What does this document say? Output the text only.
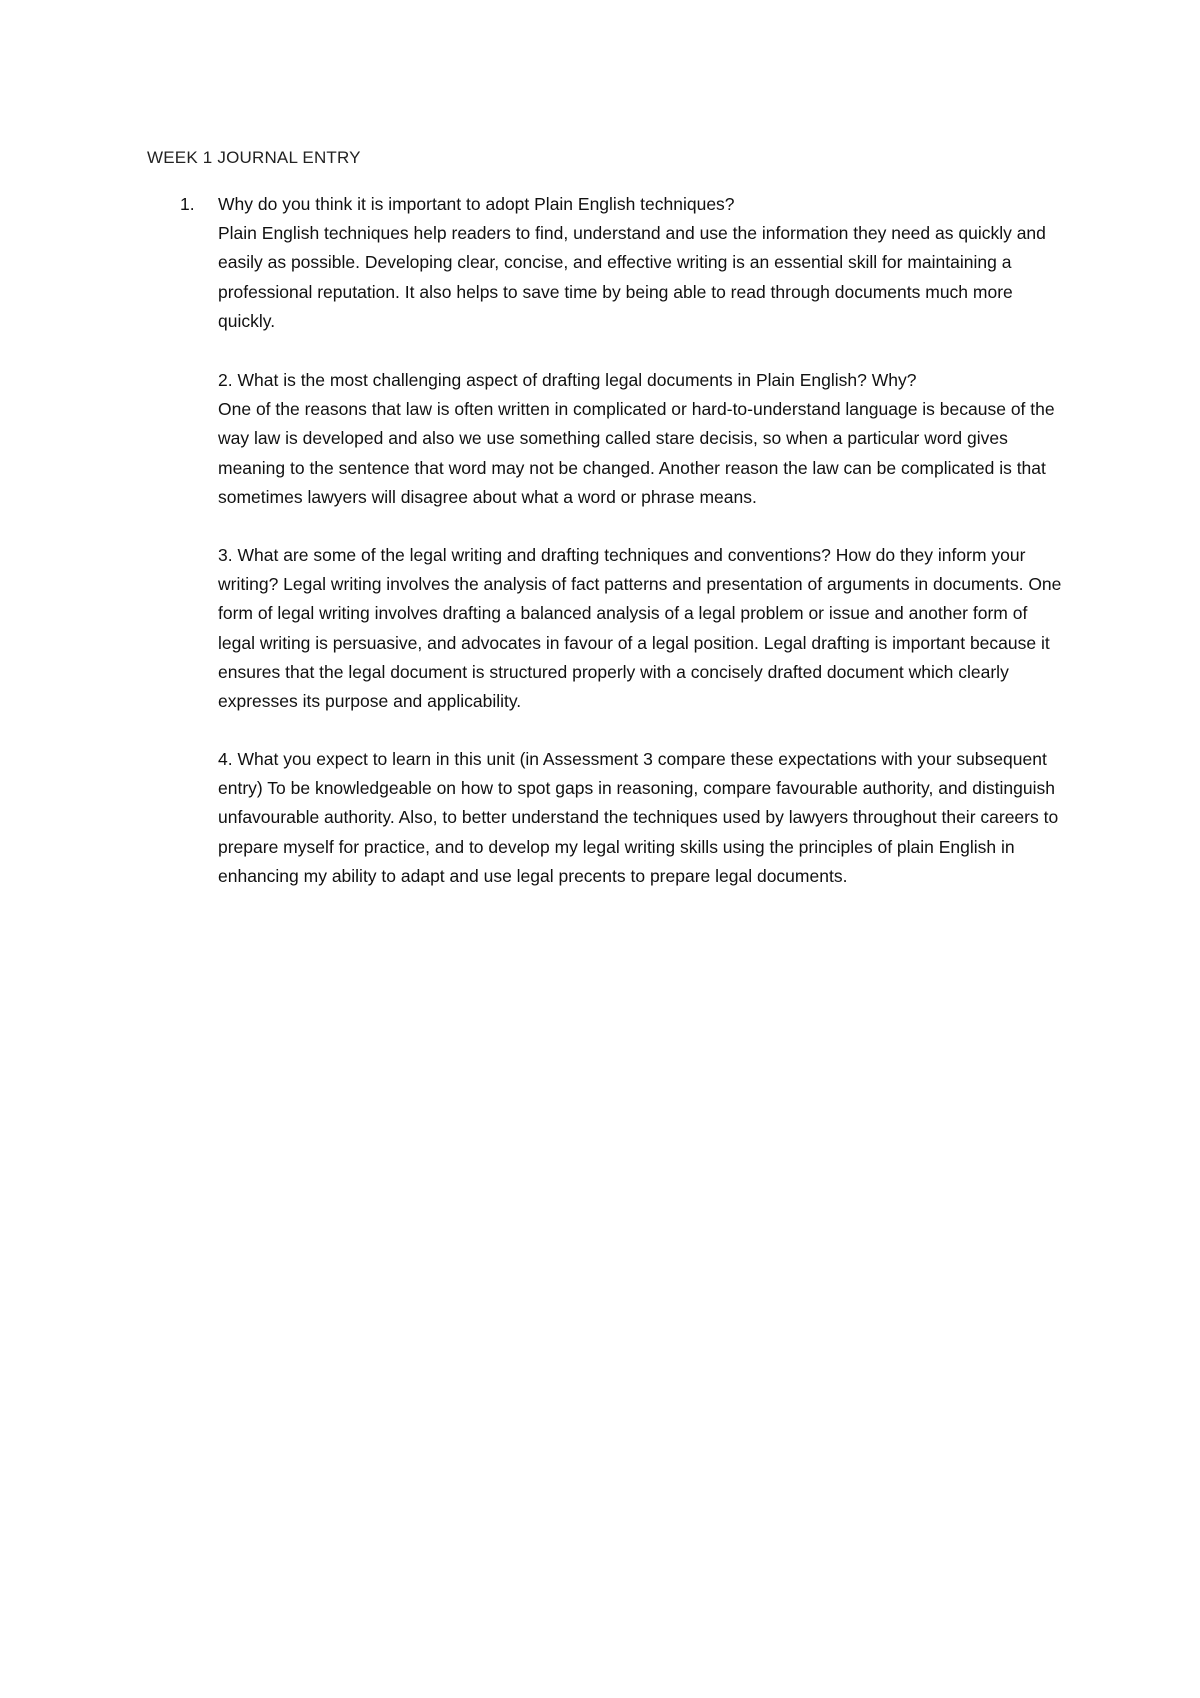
WEEK 1 JOURNAL ENTRY
1. Why do you think it is important to adopt Plain English techniques?
Plain English techniques help readers to find, understand and use the information they need as quickly and easily as possible. Developing clear, concise, and effective writing is an essential skill for maintaining a professional reputation. It also helps to save time by being able to read through documents much more quickly.

2. What is the most challenging aspect of drafting legal documents in Plain English? Why?
One of the reasons that law is often written in complicated or hard-to-understand language is because of the way law is developed and also we use something called stare decisis, so when a particular word gives meaning to the sentence that word may not be changed. Another reason the law can be complicated is that sometimes lawyers will disagree about what a word or phrase means.

3. What are some of the legal writing and drafting techniques and conventions? How do they inform your writing? Legal writing involves the analysis of fact patterns and presentation of arguments in documents. One form of legal writing involves drafting a balanced analysis of a legal problem or issue and another form of legal writing is persuasive, and advocates in favour of a legal position. Legal drafting is important because it ensures that the legal document is structured properly with a concisely drafted document which clearly expresses its purpose and applicability.

4. What you expect to learn in this unit (in Assessment 3 compare these expectations with your subsequent entry) To be knowledgeable on how to spot gaps in reasoning, compare favourable authority, and distinguish unfavourable authority. Also, to better understand the techniques used by lawyers throughout their careers to prepare myself for practice, and to develop my legal writing skills using the principles of plain English in enhancing my ability to adapt and use legal precents to prepare legal documents.
